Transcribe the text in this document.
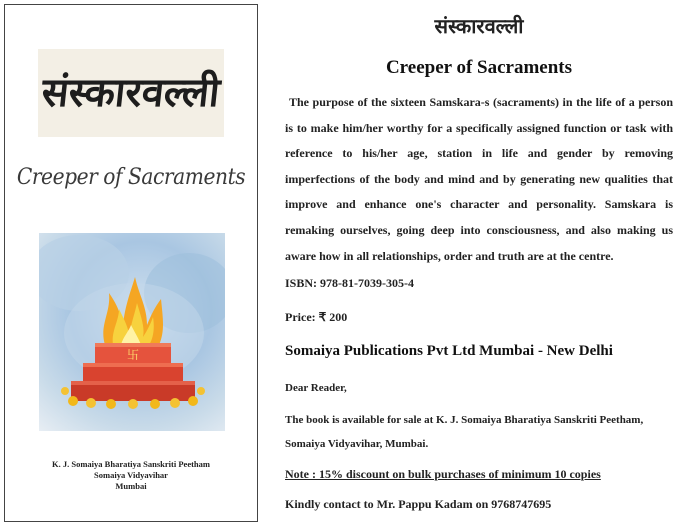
संस्कारवल्ली
Creeper of Sacraments
卐
K. J. Somaiya Bharatiya Sanskriti Peetham
Somaiya Vidyavihar
Mumbai
संस्कारवल्ली
Creeper of Sacraments
The purpose of the sixteen Samskara-s (sacraments) in the life of a person is to make him/her worthy for a specifically assigned function or task with reference to his/her age, station in life and gender by removing imperfections of the body and mind and by generating new qualities that improve and enhance one's character and personality. Samskara is remaking ourselves, going deep into consciousness, and also making us aware how in all relationships, order and truth are at the centre.
ISBN: 978-81-7039-305-4
Price: ₹ 200
Somaiya Publications Pvt Ltd Mumbai - New Delhi
Dear Reader,
The book is available for sale at K. J. Somaiya Bharatiya Sanskriti Peetham,
Somaiya Vidyavihar, Mumbai.
Note : 15% discount on bulk purchases of minimum 10 copies
Kindly contact to Mr. Pappu Kadam on 9768747695
